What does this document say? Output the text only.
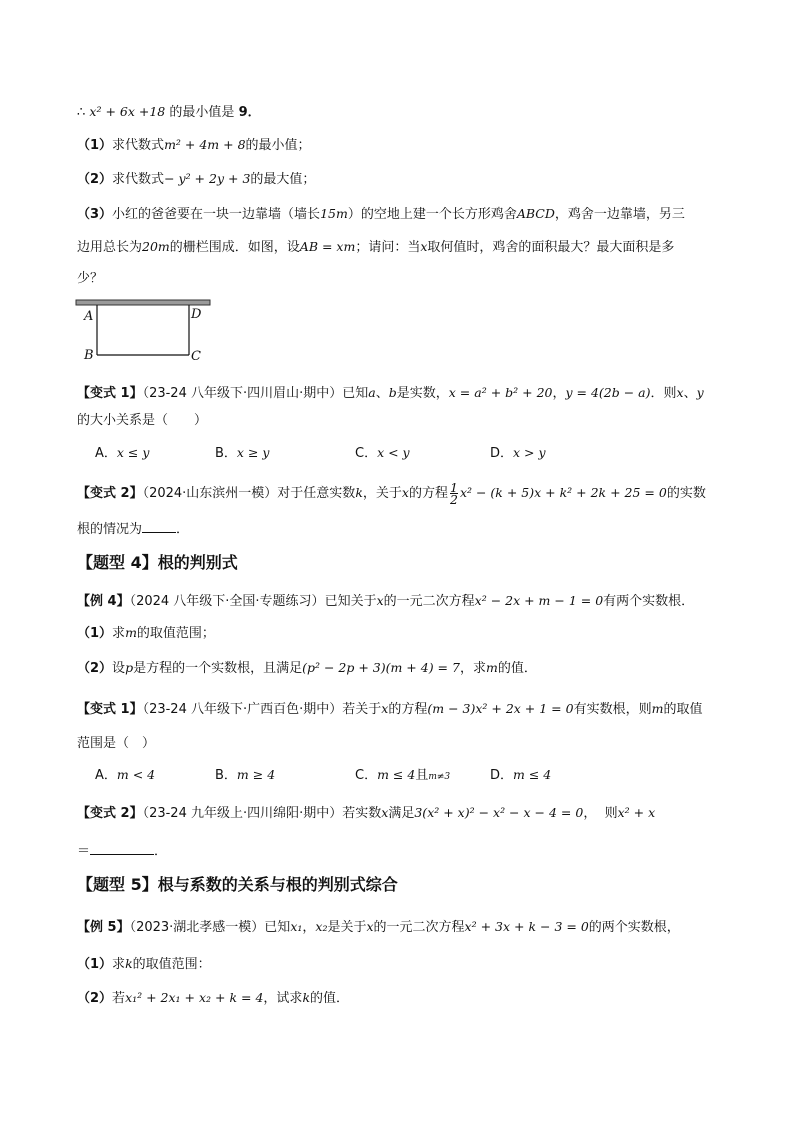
∴ x² + 6x +18 的最小值是 9．
（1）求代数式m² + 4m + 8的最小值；
（2）求代数式− y² + 2y + 3的最大值；
（3）小红的爸爸要在一块一边靠墙（墙长15m）的空地上建一个长方形鸡舍ABCD，鸡舍一边靠墙，另三
边用总长为20m的栅栏围成．如图，设AB = xm；请问：当x取何值时，鸡舍的面积最大？最大面积是多
少？
A
B	C
D
【变式 1】（23-24 八年级下·四川眉山·期中）已知a、b是实数，x = a² + b² + 20，y = 4(2b − a)．则x、y
的大小关系是（　　）
A．x ≤ y	B．x ≥ y	C．x < y	D．x > y
【变式 2】（2024·山东滨州一模）对于任意实数k，关于x的方程 $\frac{1}{2} x^2 - (k + 5)x + k^2 + 2k + 25 = 0$的实数
根的情况为	．
【题型 4】根的判别式
【例 4】（2024 八年级下·全国·专题练习）已知关于x的一元二次方程x² − 2x + m − 1 = 0有两个实数根．
（1）求m的取值范围；
（2）设p是方程的一个实数根，且满足(p² − 2p + 3)(m + 4) = 7，求m的值．
【变式 1】（23-24 八年级下·广西百色·期中）若关于x的方程(m − 3)x² + 2x + 1 = 0有实数根，则m的取值
范围是（　）
A．m < 4	B．m ≥ 4	C．m ≤ 4且m≠3	D．m ≤ 4
【变式 2】（23-24 九年级上·四川绵阳·期中）若实数x满足3(x² + x)² − x² − x − 4 = 0， 则x² + x
＝	．
【题型 5】根与系数的关系与根的判别式综合
【例 5】（2023·湖北孝感一模）已知x₁，x₂是关于x的一元二次方程x² + 3x + k − 3 = 0的两个实数根，
（1）求k的取值范围：
（2）若x₁² + 2x₁ + x₂ + k = 4，试求k的值．
